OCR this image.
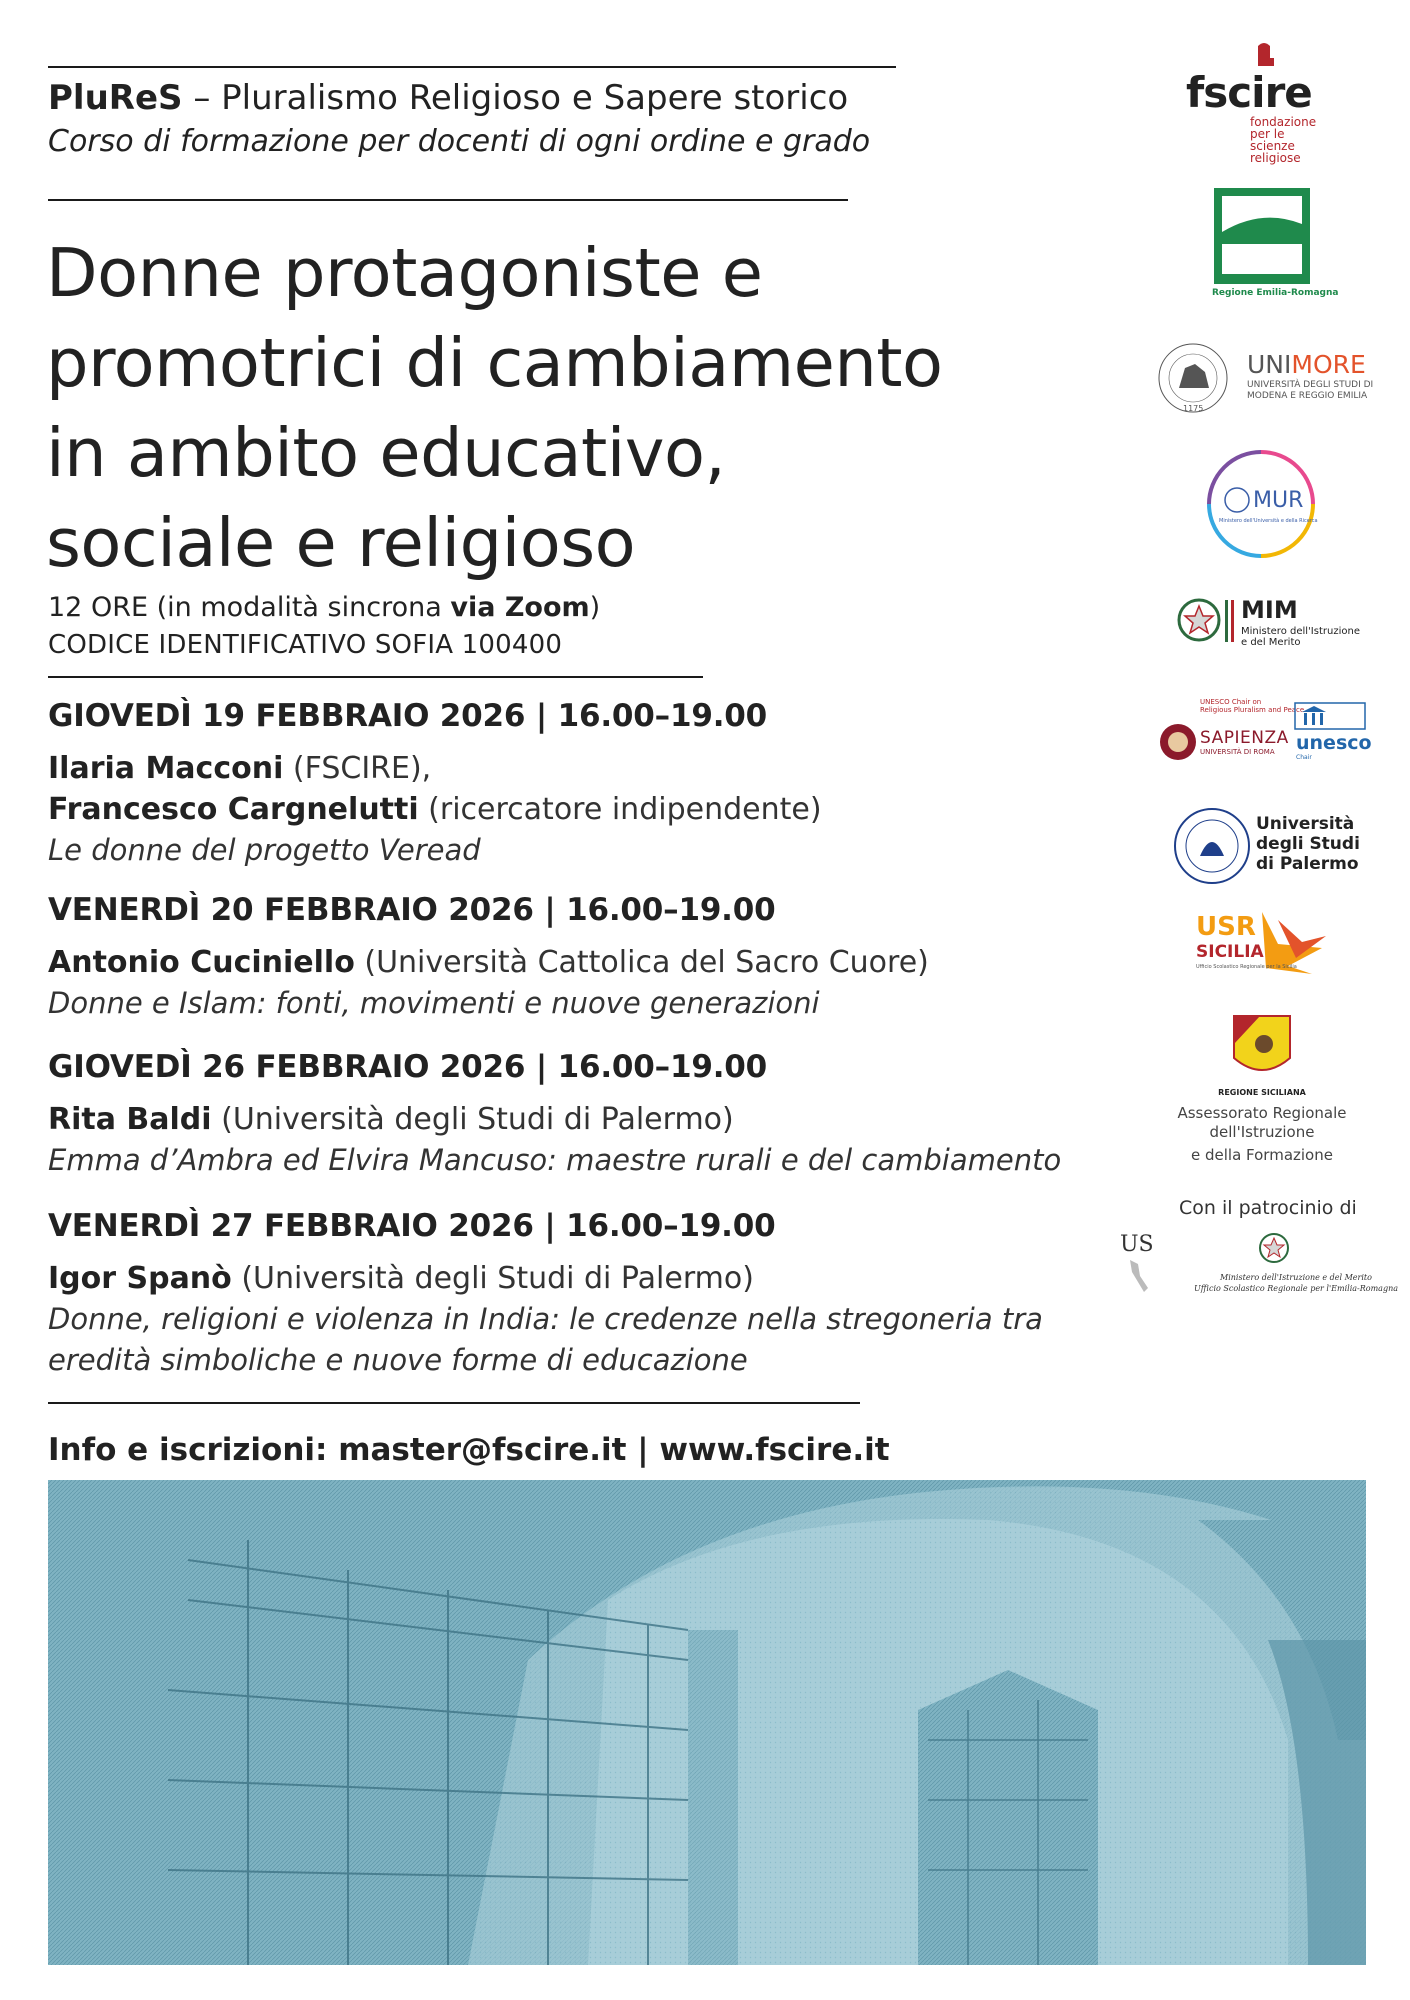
PluReS – Pluralismo Religioso e Sapere storico
Corso di formazione per docenti di ogni ordine e grado
Donne protagoniste e
promotrici di cambiamento
in ambito educativo,
sociale e religioso
12 ORE (in modalità sincrona via Zoom)
CODICE IDENTIFICATIVO SOFIA 100400
GIOVEDÌ 19 FEBBRAIO 2026 | 16.00–19.00
Ilaria Macconi (FSCIRE),
Francesco Cargnelutti (ricercatore indipendente)
Le donne del progetto Veread
VENERDÌ 20 FEBBRAIO 2026 | 16.00–19.00
Antonio Cuciniello (Università Cattolica del Sacro Cuore)
Donne e Islam: fonti, movimenti e nuove generazioni
GIOVEDÌ 26 FEBBRAIO 2026 | 16.00–19.00
Rita Baldi (Università degli Studi di Palermo)
Emma d’Ambra ed Elvira Mancuso: maestre rurali e del cambiamento
VENERDÌ 27 FEBBRAIO 2026 | 16.00–19.00
Igor Spanò (Università degli Studi di Palermo)
Donne, religioni e violenza in India: le credenze nella stregoneria tra
eredità simboliche e nuove forme di educazione
Info e iscrizioni: master@fscire.it | www.fscire.it
fscire
fondazione
per le scienze
religiose
Regione Emilia-Romagna
1175
UNIMORE
UNIVERSITÀ DEGLI STUDI DI
MODENA E REGGIO EMILIA
MUR
Ministero dell'Università e della Ricerca
MIM
Ministero dell'Istruzione
e del Merito
UNESCO Chair on
Religious Pluralism and Peace
SAPIENZA
UNIVERSITÀ DI ROMA unesco
Chair
Università
degli Studi
di Palermo
USR
SICILIA
Ufficio Scolastico Regionale per la Sicilia
REGIONE SICILIANA
Assessorato Regionale
dell'Istruzione
e della Formazione
Con il patrocinio di
US
Ministero dell'Istruzione e del Merito
Ufficio Scolastico Regionale per l'Emilia-Romagna
